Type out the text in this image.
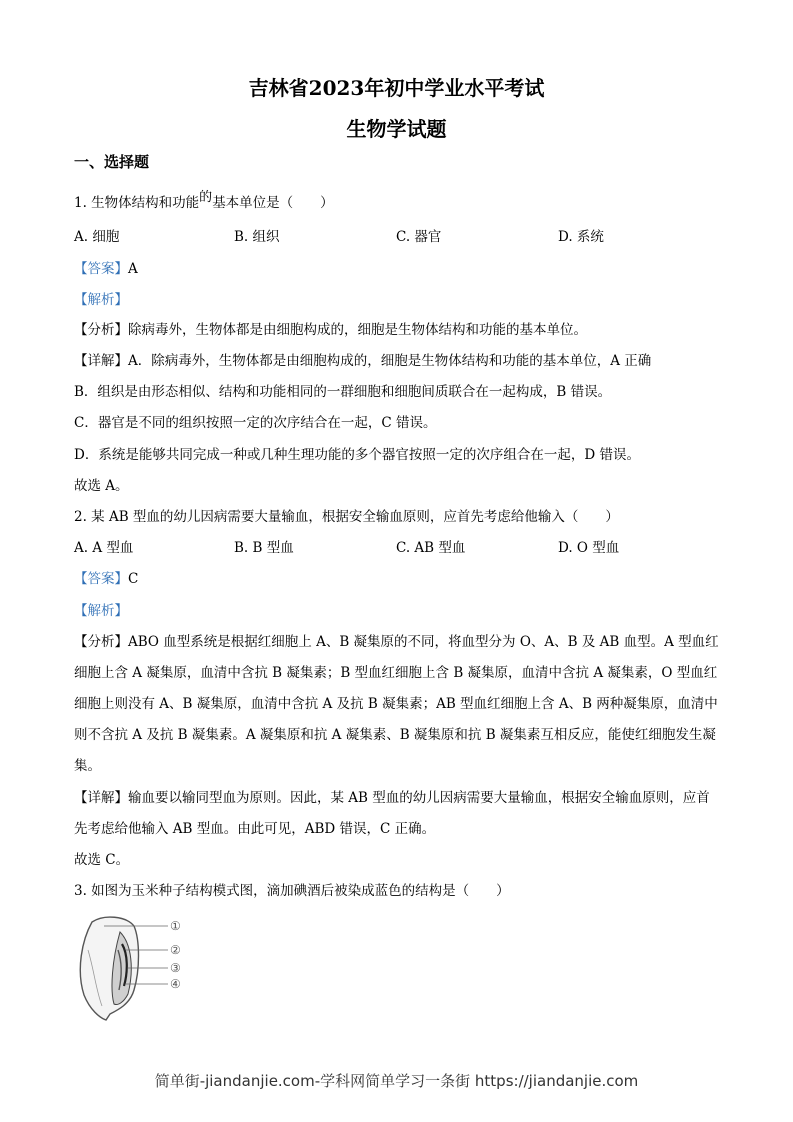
吉林省2023年初中学业水平考试
生物学试题
一、选择题
1. 生物体结构和功能的基本单位是（　　）
A. 细胞	B. 组织	C. 器官	D. 系统
【答案】A
【解析】
【分析】除病毒外，生物体都是由细胞构成的，细胞是生物体结构和功能的基本单位。
【详解】A．除病毒外，生物体都是由细胞构成的，细胞是生物体结构和功能的基本单位，A 正确
B．组织是由形态相似、结构和功能相同的一群细胞和细胞间质联合在一起构成，B 错误。
C．器官是不同的组织按照一定的次序结合在一起，C 错误。
D．系统是能够共同完成一种或几种生理功能的多个器官按照一定的次序组合在一起，D 错误。
故选 A。
2. 某 AB 型血的幼儿因病需要大量输血，根据安全输血原则，应首先考虑给他输入（　　）
A. A 型血	B. B 型血	C. AB 型血	D. O 型血
【答案】C
【解析】
【分析】ABO 血型系统是根据红细胞上 A、B 凝集原的不同，将血型分为 O、A、B 及 AB 血型。A 型血红
细胞上含 A 凝集原，血清中含抗 B 凝集素；B 型血红细胞上含 B 凝集原，血清中含抗 A 凝集素，O 型血红
细胞上则没有 A、B 凝集原，血清中含抗 A 及抗 B 凝集素；AB 型血红细胞上含 A、B 两种凝集原，血清中
则不含抗 A 及抗 B 凝集素。A 凝集原和抗 A 凝集素、B 凝集原和抗 B 凝集素互相反应，能使红细胞发生凝
集。
【详解】输血要以输同型血为原则。因此，某 AB 型血的幼儿因病需要大量输血，根据安全输血原则，应首
先考虑给他输入 AB 型血。由此可见，ABD 错误，C 正确。
故选 C。
3. 如图为玉米种子结构模式图，滴加碘酒后被染成蓝色的结构是（　　）
①
②
③
④
简单街-jiandanjie.com-学科网简单学习一条街 https://jiandanjie.com
